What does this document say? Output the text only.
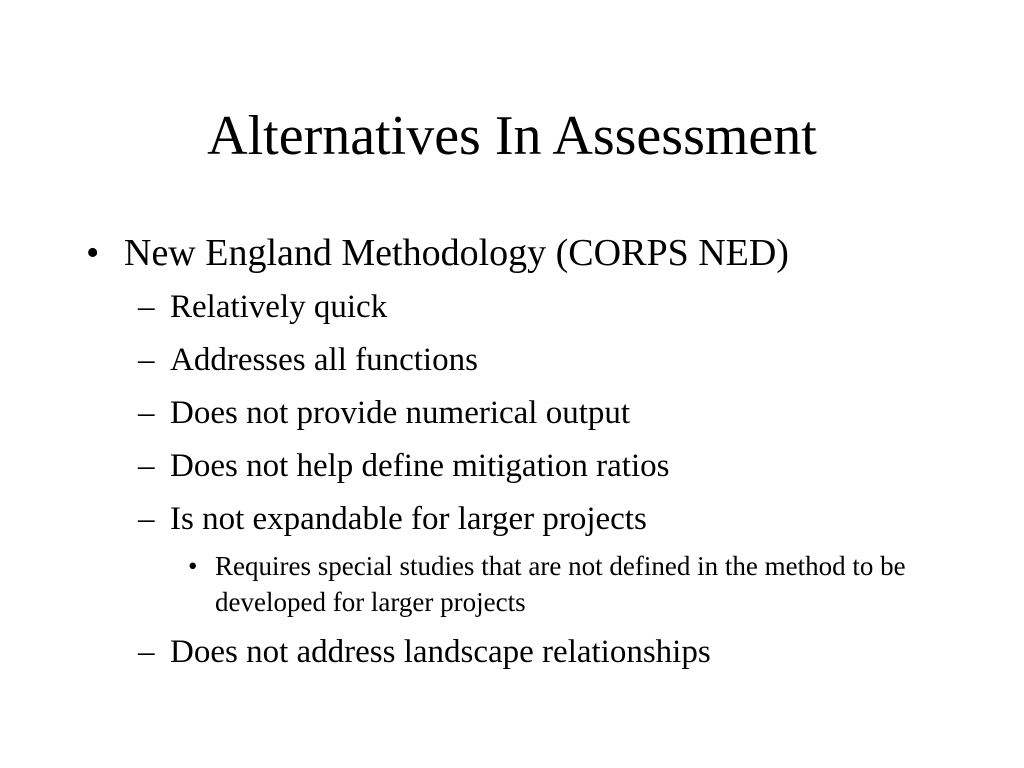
Alternatives In Assessment
• New England Methodology (CORPS NED)
– Relatively quick
– Addresses all functions
– Does not provide numerical output
– Does not help define mitigation ratios
– Is not expandable for larger projects
• Requires special studies that are not defined in the method to be developed for larger projects
– Does not address landscape relationships
